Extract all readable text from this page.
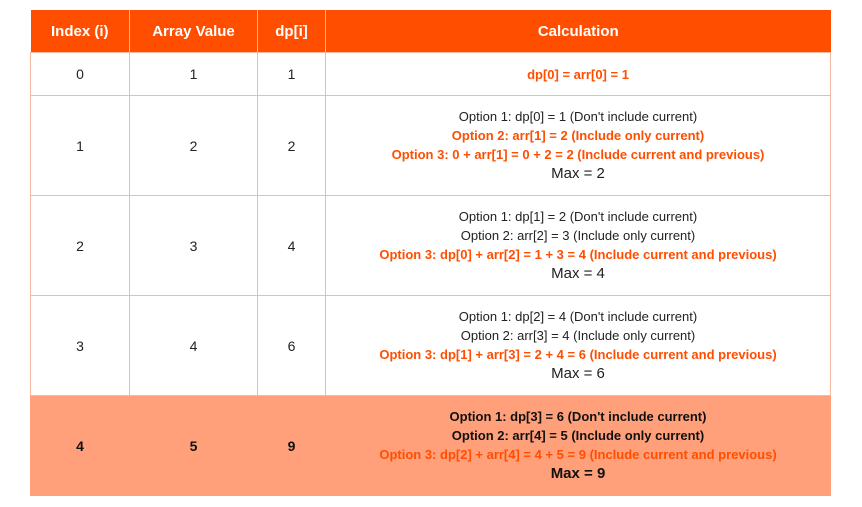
Index (i)	Array Value	dp[i]	Calculation
0	1	1	dp[0] = arr[0] = 1

1	2	2	Option 1: dp[0] = 1 (Don't include current)
Option 2: arr[1] = 2 (Include only current)
Option 3: 0 + arr[1] = 0 + 2 = 2 (Include current and previous)
Max = 2

2	3	4	Option 1: dp[1] = 2 (Don't include current)
Option 2: arr[2] = 3 (Include only current)
Option 3: dp[0] + arr[2] = 1 + 3 = 4 (Include current and previous)
Max = 4

3	4	6	Option 1: dp[2] = 4 (Don't include current)
Option 2: arr[3] = 4 (Include only current)
Option 3: dp[1] + arr[3] = 2 + 4 = 6 (Include current and previous)
Max = 6

4	5	9	Option 1: dp[3] = 6 (Don't include current)
Option 2: arr[4] = 5 (Include only current)
Option 3: dp[2] + arr[4] = 4 + 5 = 9 (Include current and previous)
Max = 9
